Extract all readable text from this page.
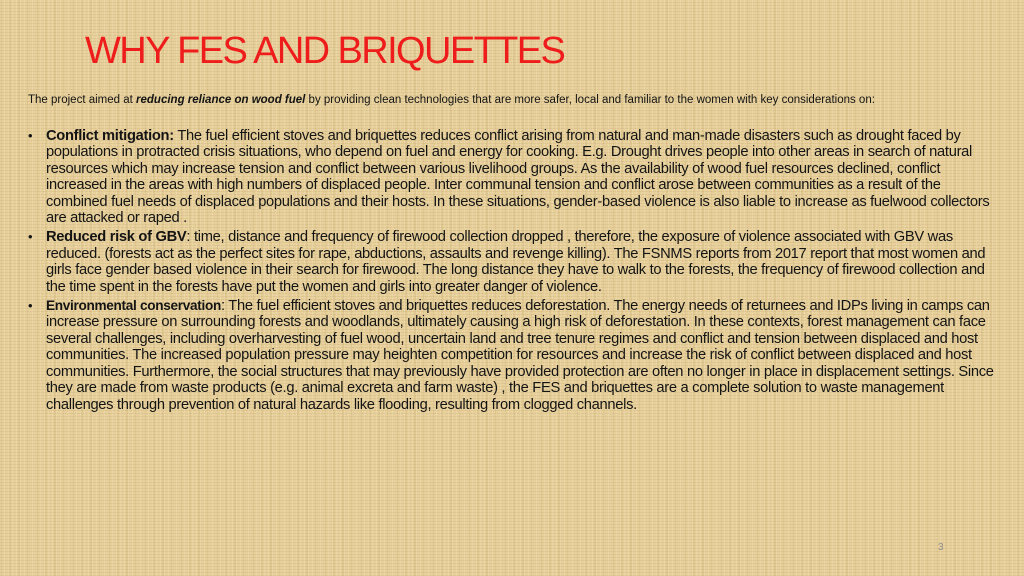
WHY FES AND BRIQUETTES

The project aimed at reducing reliance on wood fuel by providing clean technologies that are more safer, local and familiar to the women with key considerations on:

• Conflict mitigation: The fuel efficient stoves and briquettes reduces conflict arising from natural and man-made disasters such as drought faced by populations in protracted crisis situations, who depend on fuel and energy for cooking. E.g. Drought drives people into other areas in search of natural resources which may increase tension and conflict between various livelihood groups. As the availability of wood fuel resources declined, conflict increased in the areas with high numbers of displaced people. Inter communal tension and conflict arose between communities as a result of the combined fuel needs of displaced populations and their hosts. In these situations, gender-based violence is also liable to increase as fuelwood collectors are attacked or raped .
• Reduced risk of GBV: time, distance and frequency of firewood collection dropped , therefore, the exposure of violence associated with GBV was reduced. (forests act as the perfect sites for rape, abductions, assaults and revenge killing). The FSNMS reports from 2017 report that most women and girls face gender based violence in their search for firewood. The long distance they have to walk to the forests, the frequency of firewood collection and the time spent in the forests have put the women and girls into greater danger of violence.
• Environmental conservation: The fuel efficient stoves and briquettes reduces deforestation. The energy needs of returnees and IDPs living in camps can increase pressure on surrounding forests and woodlands, ultimately causing a high risk of deforestation. In these contexts, forest management can face several challenges, including overharvesting of fuel wood, uncertain land and tree tenure regimes and conflict and tension between displaced and host communities. The increased population pressure may heighten competition for resources and increase the risk of conflict between displaced and host communities. Furthermore, the social structures that may previously have provided protection are often no longer in place in displacement settings. Since they are made from waste products (e.g. animal excreta and farm waste) , the FES and briquettes are a complete solution to waste management challenges through prevention of natural hazards like flooding, resulting from clogged channels.
3
